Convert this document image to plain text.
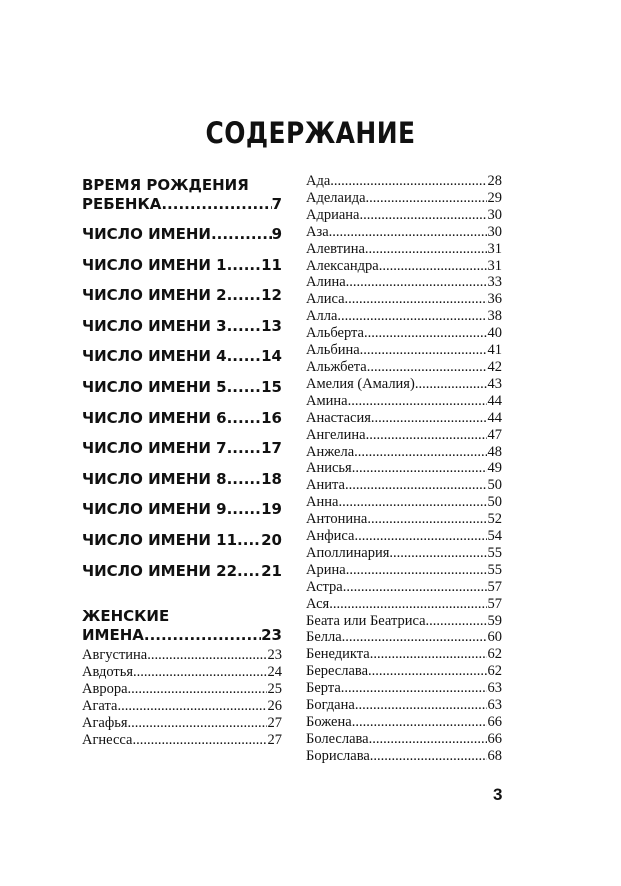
СОДЕРЖАНИЕ
ВРЕМЯ РОЖДЕНИЯ
РЕБЕНКА .....	7
ЧИСЛО ИМЕНИ .....	9
ЧИСЛО ИМЕНИ 1 ..... 11
ЧИСЛО ИМЕНИ 2 ..... 12
ЧИСЛО ИМЕНИ 3 ..... 13
ЧИСЛО ИМЕНИ 4 ..... 14
ЧИСЛО ИМЕНИ 5 ..... 15
ЧИСЛО ИМЕНИ 6 ..... 16
ЧИСЛО ИМЕНИ 7 ..... 17
ЧИСЛО ИМЕНИ 8 ..... 18
ЧИСЛО ИМЕНИ 9 ..... 19
ЧИСЛО ИМЕНИ 11 ..... 20
ЧИСЛО ИМЕНИ 22 ..... 21
ЖЕНСКИЕ
ИМЕНА .....	23
Августина .....	23
Авдотья .....	24
Аврора .....	25
Агата .....	26
Агафья .....	27
Агнесса .....	27
Ада .....	28
Аделаида .....	29
Адриана .....	30
Аза .....	30
Алевтина .....	31
Александра .....	31
Алина .....	33
Алиса .....	36
Алла .....	38
Альберта .....	40
Альбина .....	41
Альжбета .....	42
Амелия (Амалия) .....	43
Амина .....	44
Анастасия .....	44
Ангелина .....	47
Анжела .....	48
Анисья .....	49
Анита .....	50
Анна .....	50
Антонина .....	52
Анфиса .....	54
Аполлинария .....	55
Арина .....	55
Астра .....	57
Ася .....	57
Беата или Беатриса .....	59
Белла .....	60
Бенедикта .....	62
Береслава .....	62
Берта .....	63
Богдана .....	63
Божена .....	66
Болеслава .....	66
Борислава .....	68
3
